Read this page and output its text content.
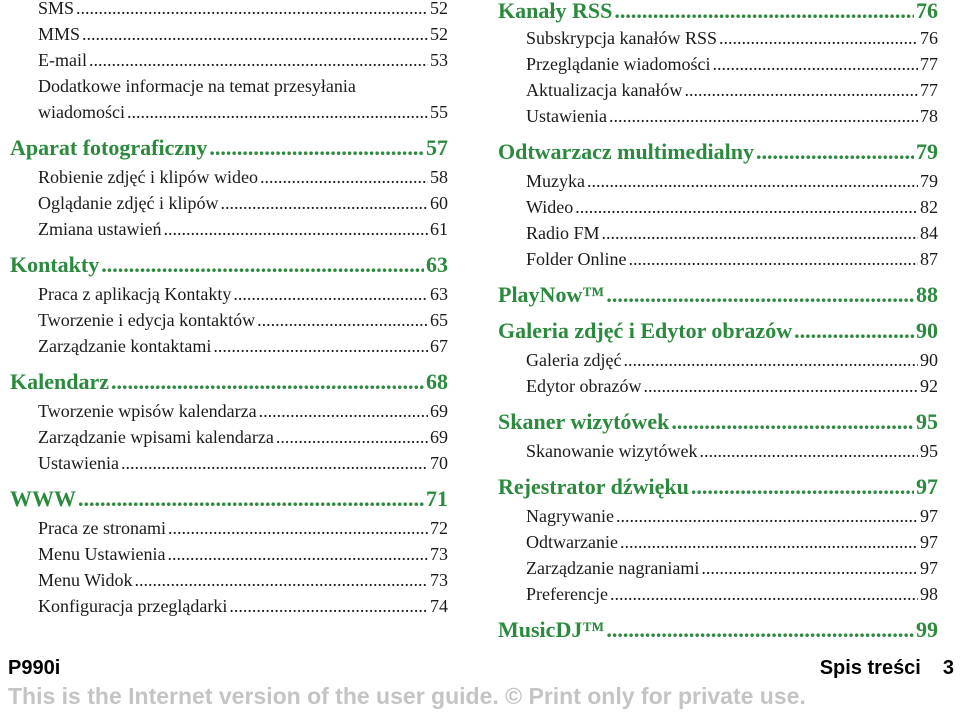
SMS .....	52
MMS .....	52
E-mail .....	53
Dodatkowe informacje na temat przesyłania
wiadomości .....	55
Aparat fotograficzny .....	57
Robienie zdjęć i klipów wideo .....	58
Oglądanie zdjęć i klipów .....	60
Zmiana ustawień .....	61
Kontakty .....	63
Praca z aplikacją Kontakty .....	63
Tworzenie i edycja kontaktów .....	65
Zarządzanie kontaktami .....	67
Kalendarz .....	68
Tworzenie wpisów kalendarza .....	69
Zarządzanie wpisami kalendarza .....	69
Ustawienia .....	70
WWW .....	71
Praca ze stronami .....	72
Menu Ustawienia .....	73
Menu Widok .....	73
Konfiguracja przeglądarki .....	74
Kanały RSS .....	76
Subskrypcja kanałów RSS .....	76
Przeglądanie wiadomości .....	77
Aktualizacja kanałów .....	77
Ustawienia .....	78
Odtwarzacz multimedialny .....	79
Muzyka .....	79
Wideo .....	82
Radio FM .....	84
Folder Online .....	87
PlayNow™ .....	88
Galeria zdjęć i Edytor obrazów .....	90
Galeria zdjęć .....	90
Edytor obrazów .....	92
Skaner wizytówek .....	95
Skanowanie wizytówek .....	95
Rejestrator dźwięku .....	97
Nagrywanie .....	97
Odtwarzanie .....	97
Zarządzanie nagraniami .....	97
Preferencje .....	98
MusicDJ™ .....	99
P990i	Spis treści 3
This is the Internet version of the user guide. © Print only for private use.
